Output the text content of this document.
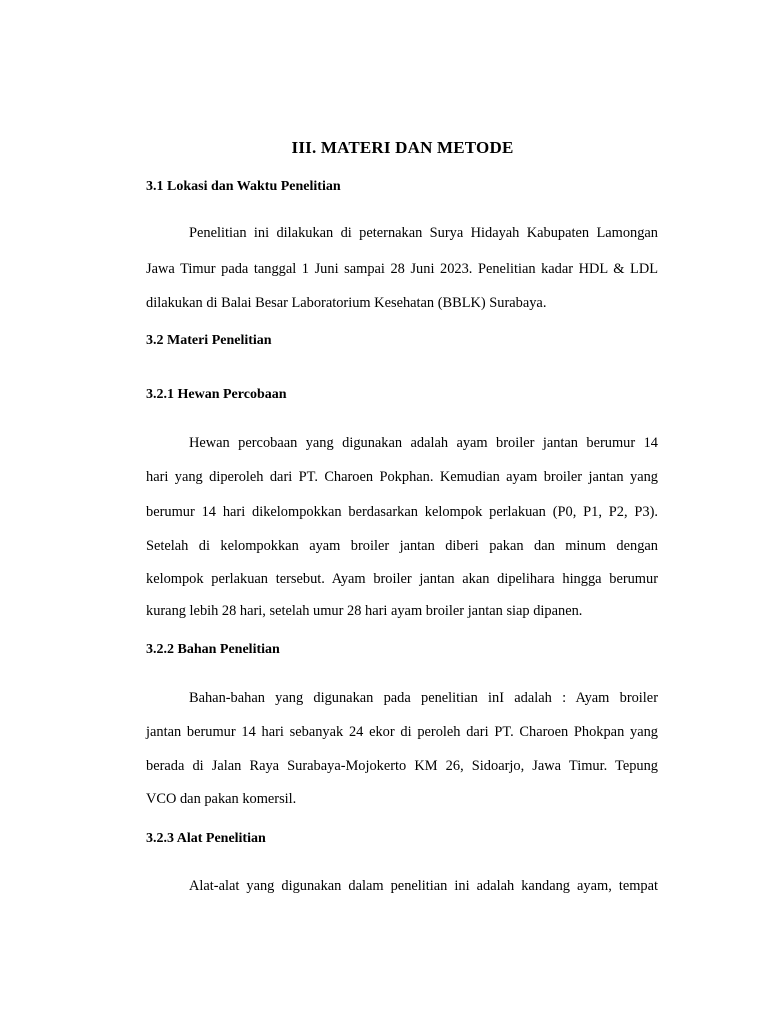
III. MATERI DAN METODE
3.1 Lokasi dan Waktu Penelitian
Penelitian ini dilakukan di peternakan Surya Hidayah Kabupaten Lamongan
Jawa Timur pada tanggal 1 Juni sampai 28 Juni 2023. Penelitian kadar HDL & LDL
dilakukan di Balai Besar Laboratorium Kesehatan (BBLK) Surabaya.
3.2 Materi Penelitian
3.2.1 Hewan Percobaan
Hewan percobaan yang digunakan adalah ayam broiler jantan berumur 14
hari yang diperoleh dari PT. Charoen Pokphan. Kemudian ayam broiler jantan yang
berumur 14 hari dikelompokkan berdasarkan kelompok perlakuan (P0, P1, P2, P3).
Setelah di kelompokkan ayam broiler jantan diberi pakan dan minum dengan
kelompok perlakuan tersebut. Ayam broiler jantan akan dipelihara hingga berumur
kurang lebih 28 hari, setelah umur 28 hari ayam broiler jantan siap dipanen.
3.2.2 Bahan Penelitian
Bahan-bahan yang digunakan pada penelitian inI adalah : Ayam broiler
jantan berumur 14 hari sebanyak 24 ekor di peroleh dari PT. Charoen Phokpan yang
berada di Jalan Raya Surabaya-Mojokerto KM 26, Sidoarjo, Jawa Timur. Tepung
VCO dan pakan komersil.
3.2.3 Alat Penelitian
Alat-alat yang digunakan dalam penelitian ini adalah kandang ayam, tempat
